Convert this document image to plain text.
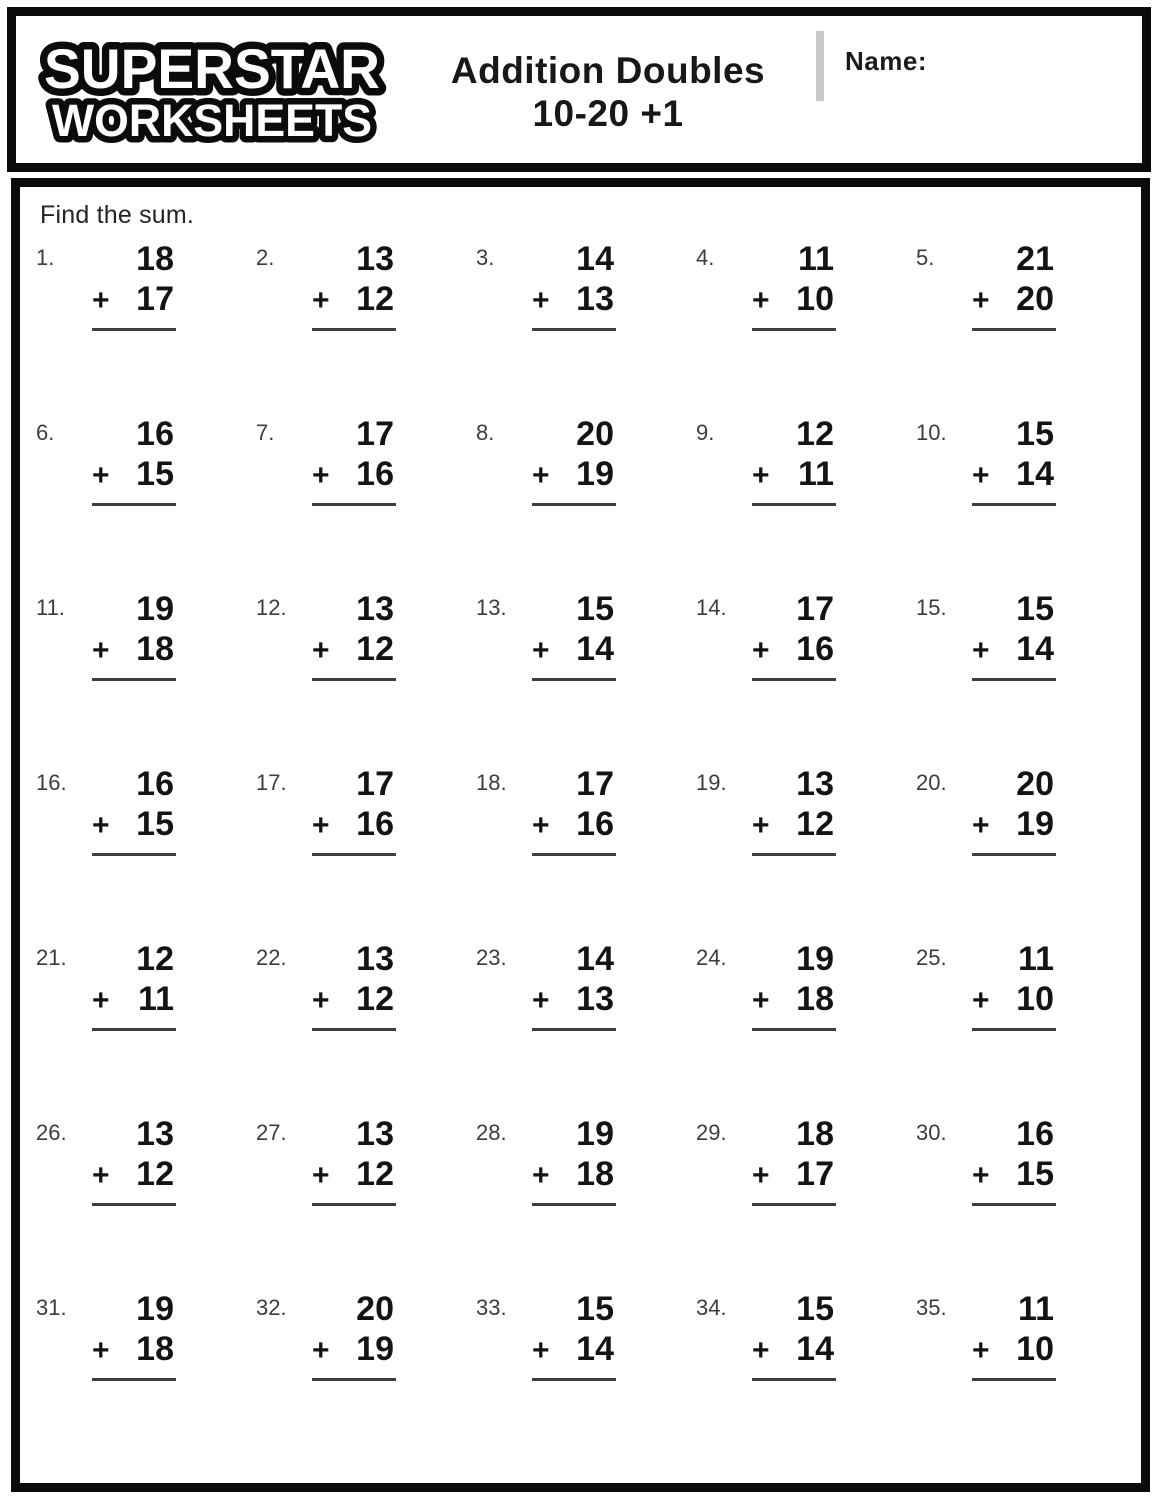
SUPERSTAR
WORKSHEETS
Addition Doubles
10-20 +1
Name:
Find the sum.
1.	18
+ 17
2.	13
+ 12
3.	14
+ 13
4.	11
+ 10
5.	21
+ 20
6.	16
+ 15
7.	17
+ 16
8.	20
+ 19
9.	12
+ 11
10.	15
+ 14
11.	19
+ 18
12.	13
+ 12
13.	15
+ 14
14.	17
+ 16
15.	15
+ 14
16.	16
+ 15
17.	17
+ 16
18.	17
+ 16
19.	13
+ 12
20.	20
+ 19
21.	12
+ 11
22.	13
+ 12
23.	14
+ 13
24.	19
+ 18
25.	11
+ 10
26.	13
+ 12
27.	13
+ 12
28.	19
+ 18
29.	18
+ 17
30.	16
+ 15
31.	19
+ 18
32.	20
+ 19
33.	15
+ 14
34.	15
+ 14
35.	11
+ 10
